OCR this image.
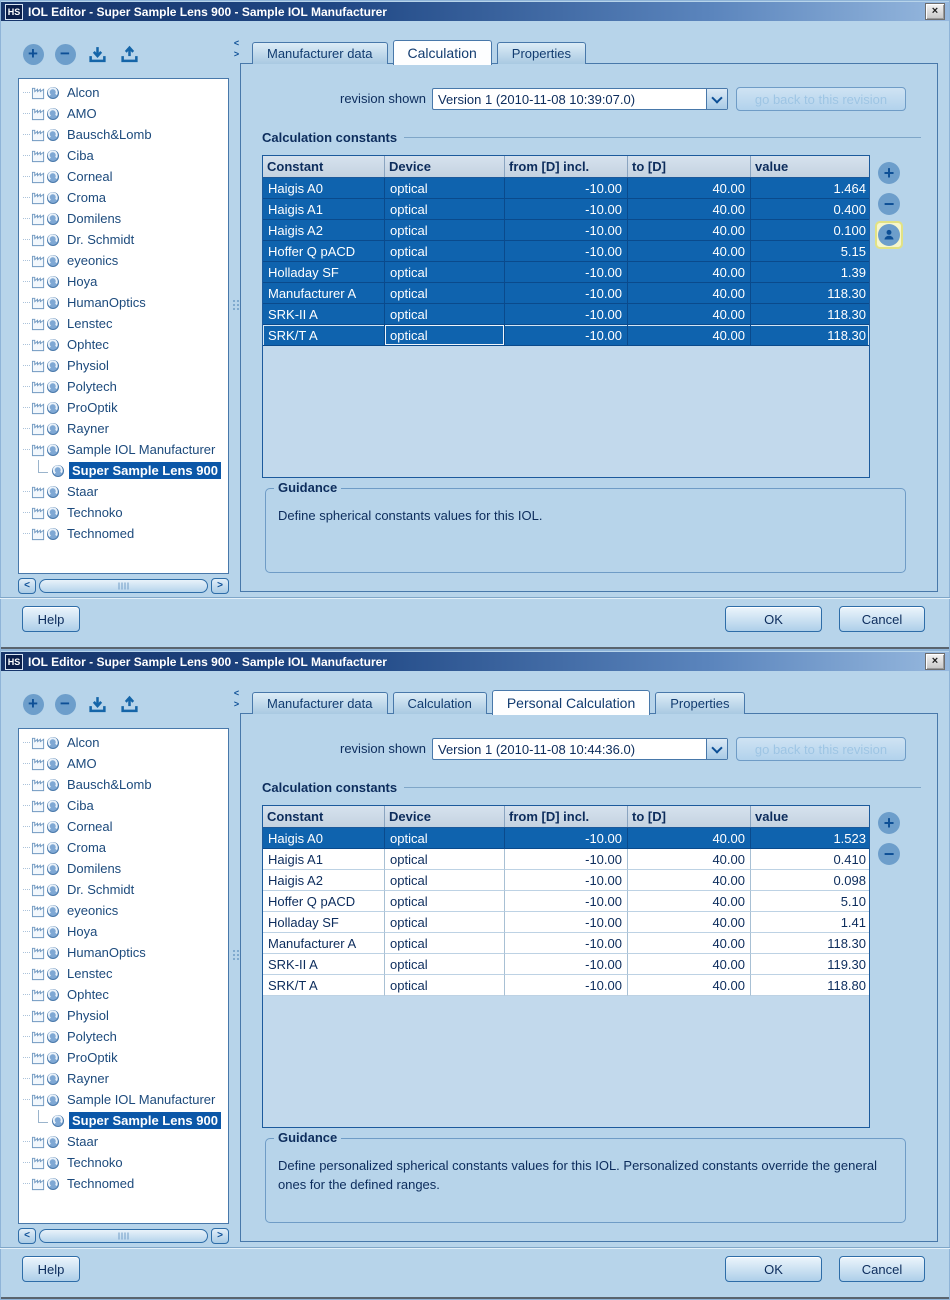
HS IOL Editor - Super Sample Lens 900 - Sample IOL Manufacturer	×
+	−
Alcon
AMO
Bausch&Lomb
Ciba
Corneal
Croma
Domilens
Dr. Schmidt
eyeonics
Hoya
HumanOptics
Lenstec
Ophtec
Physiol
Polytech
ProOptik
Rayner
Sample IOL Manufacturer
Super Sample Lens 900
Staar
Technoko
Technomed
<	>
<
>	Manufacturer data	Calculation	Properties
revision shown Version 1 (2010-11-08 10:39:07.0)	go back to this revision
Calculation constants
Constant	Device	from [D] incl.	to [D]	value
Haigis A0	optical	-10.00	40.00	1.464
Haigis A1	optical	-10.00	40.00	0.400
Haigis A2	optical	-10.00	40.00	0.100
Hoffer Q pACD	optical	-10.00	40.00	5.15
Holladay SF	optical	-10.00	40.00	1.39
Manufacturer A	optical	-10.00	40.00	118.30
SRK-II A	optical	-10.00	40.00	118.30
SRK/T A	optical	-10.00	40.00	118.30
+
−
Guidance
Define spherical constants values for this IOL.
Help	OK	Cancel
HS IOL Editor - Super Sample Lens 900 - Sample IOL Manufacturer	×
+	−
Alcon
AMO
Bausch&Lomb
Ciba
Corneal
Croma
Domilens
Dr. Schmidt
eyeonics
Hoya
HumanOptics
Lenstec
Ophtec
Physiol
Polytech
ProOptik
Rayner
Sample IOL Manufacturer
Super Sample Lens 900
Staar
Technoko
Technomed
<	>
<
>	Manufacturer data	Calculation	Personal Calculation	Properties
revision shown Version 1 (2010-11-08 10:44:36.0)	go back to this revision
Calculation constants
Constant	Device	from [D] incl.	to [D]	value
Haigis A0	optical	-10.00	40.00	1.523
Haigis A1	optical	-10.00	40.00	0.410
Haigis A2	optical	-10.00	40.00	0.098
Hoffer Q pACD	optical	-10.00	40.00	5.10
Holladay SF	optical	-10.00	40.00	1.41
Manufacturer A	optical	-10.00	40.00	118.30
SRK-II A	optical	-10.00	40.00	119.30
SRK/T A	optical	-10.00	40.00	118.80
+
−
Guidance
Define personalized spherical constants values for this IOL. Personalized constants override the general ones for the defined ranges.
Help	OK	Cancel
